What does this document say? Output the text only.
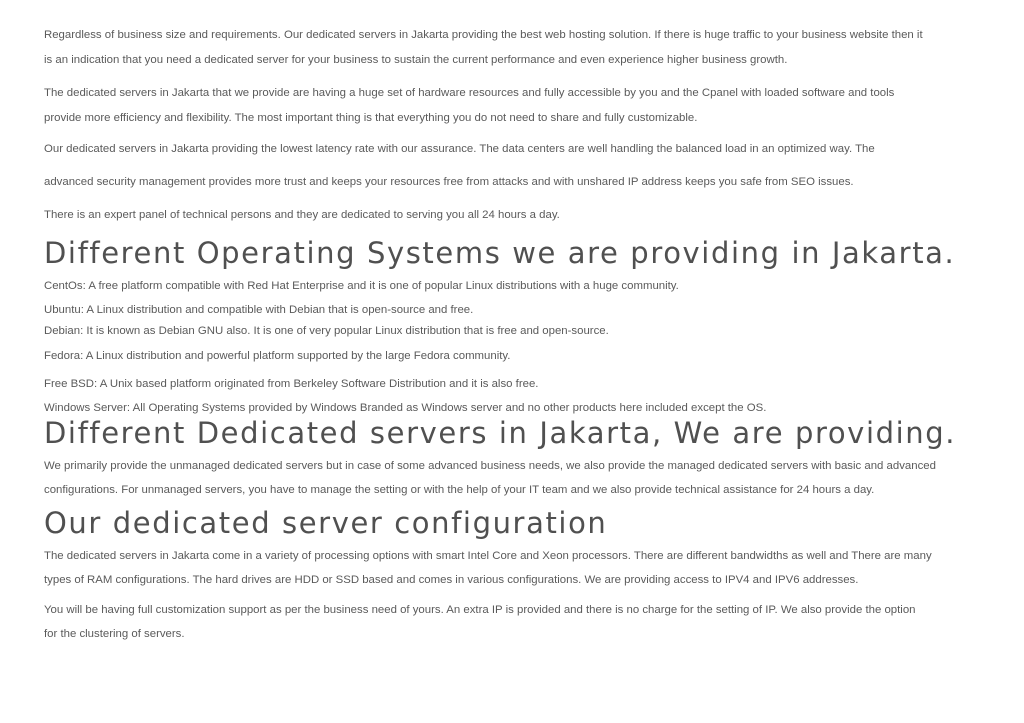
Regardless of business size and requirements. Our dedicated servers in Jakarta providing the best web hosting solution. If there is huge traffic to your business website then it

is an indication that you need a dedicated server for your business to sustain the current performance and even experience higher business growth.

The dedicated servers in Jakarta that we provide are having a huge set of hardware resources and fully accessible by you and the Cpanel with loaded software and tools

provide more efficiency and flexibility. The most important thing is that everything you do not need to share and fully customizable.

Our dedicated servers in Jakarta providing the lowest latency rate with our assurance. The data centers are well handling the balanced load in an optimized way. The

advanced security management provides more trust and keeps your resources free from attacks and with unshared IP address keeps you safe from SEO issues.

There is an expert panel of technical persons and they are dedicated to serving you all 24 hours a day.

Different Operating Systems we are providing in Jakarta.

CentOs: A free platform compatible with Red Hat Enterprise and it is one of popular Linux distributions with a huge community.

Ubuntu: A Linux distribution and compatible with Debian that is open-source and free.

Debian: It is known as Debian GNU also. It is one of very popular Linux distribution that is free and open-source.

Fedora: A Linux distribution and powerful platform supported by the large Fedora community.

Free BSD: A Unix based platform originated from Berkeley Software Distribution and it is also free.

Windows Server: All Operating Systems provided by Windows Branded as Windows server and no other products here included except the OS.

Different Dedicated servers in Jakarta, We are providing.

We primarily provide the unmanaged dedicated servers but in case of some advanced business needs, we also provide the managed dedicated servers with basic and advanced

configurations. For unmanaged servers, you have to manage the setting or with the help of your IT team and we also provide technical assistance for 24 hours a day.

Our dedicated server configuration

The dedicated servers in Jakarta come in a variety of processing options with smart Intel Core and Xeon processors. There are different bandwidths as well and There are many

types of RAM configurations. The hard drives are HDD or SSD based and comes in various configurations. We are providing access to IPV4 and IPV6 addresses.

You will be having full customization support as per the business need of yours. An extra IP is provided and there is no charge for the setting of IP. We also provide the option

for the clustering of servers.
